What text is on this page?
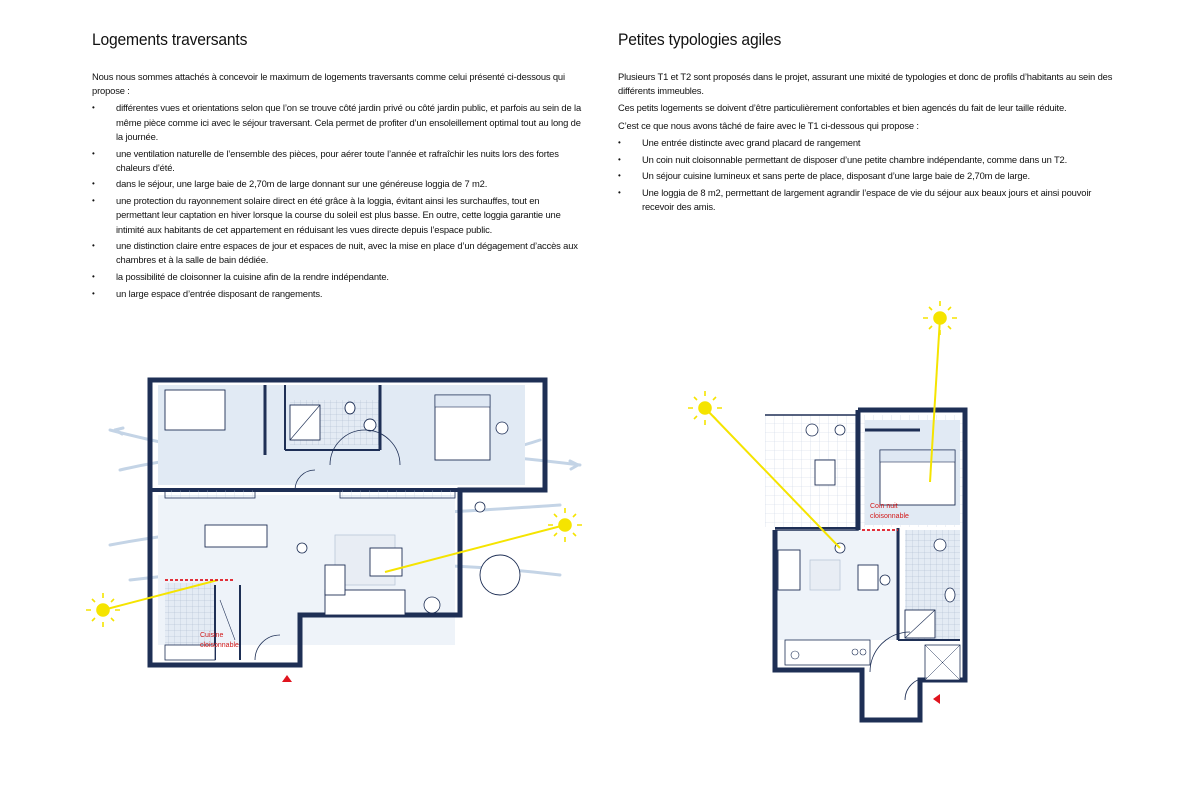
Logements traversants

Nous nous sommes attachés à concevoir le maximum de logements traversants comme celui présenté ci-dessous qui propose :

• différentes vues et orientations selon que l’on se trouve côté jardin privé ou côté jardin public, et parfois au sein de la même pièce comme ici avec le séjour traversant. Cela permet de profiter d’un ensoleillement optimal tout au long de la journée.
• une ventilation naturelle de l’ensemble des pièces, pour aérer toute l’année et rafraîchir les nuits lors des fortes chaleurs d’été.
• dans le séjour, une large baie de 2,70m de large donnant sur une généreuse loggia de 7 m2.
• une protection du rayonnement solaire direct en été grâce à la loggia, évitant ainsi les surchauffes, tout en permettant leur captation en hiver lorsque la course du soleil est plus basse. En outre, cette loggia garantie une intimité aux habitants de cet appartement en réduisant les vues directe depuis l’espace public.
• une distinction claire entre espaces de jour et espaces de nuit, avec la mise en place d’un dégagement d’accès aux chambres et à la salle de bain dédiée.
• la possibilité de cloisonner la cuisine afin de la rendre indépendante.
• un large espace d’entrée disposant de rangements.
Petites typologies agiles

Plusieurs T1 et T2 sont proposés dans le projet, assurant une mixité de typologies et donc de profils d’habitants au sein des différents immeubles.

Ces petits logements se doivent d’être particulièrement confortables et bien agencés du fait de leur taille réduite.

C’est ce que nous avons tâché de faire avec le T1 ci-dessous qui propose :

• Une entrée distincte avec grand placard de rangement
• Un coin nuit cloisonnable permettant de disposer d’une petite chambre indépendante, comme dans un T2.
• Un séjour cuisine lumineux et sans perte de place, disposant d’une large baie de 2,70m de large.
• Une loggia de 8 m2, permettant de largement agrandir l’espace de vie du séjour aux beaux jours et ainsi pouvoir recevoir des amis.
Cuisine
cloisonnable
Coin nuit
cloisonnable
